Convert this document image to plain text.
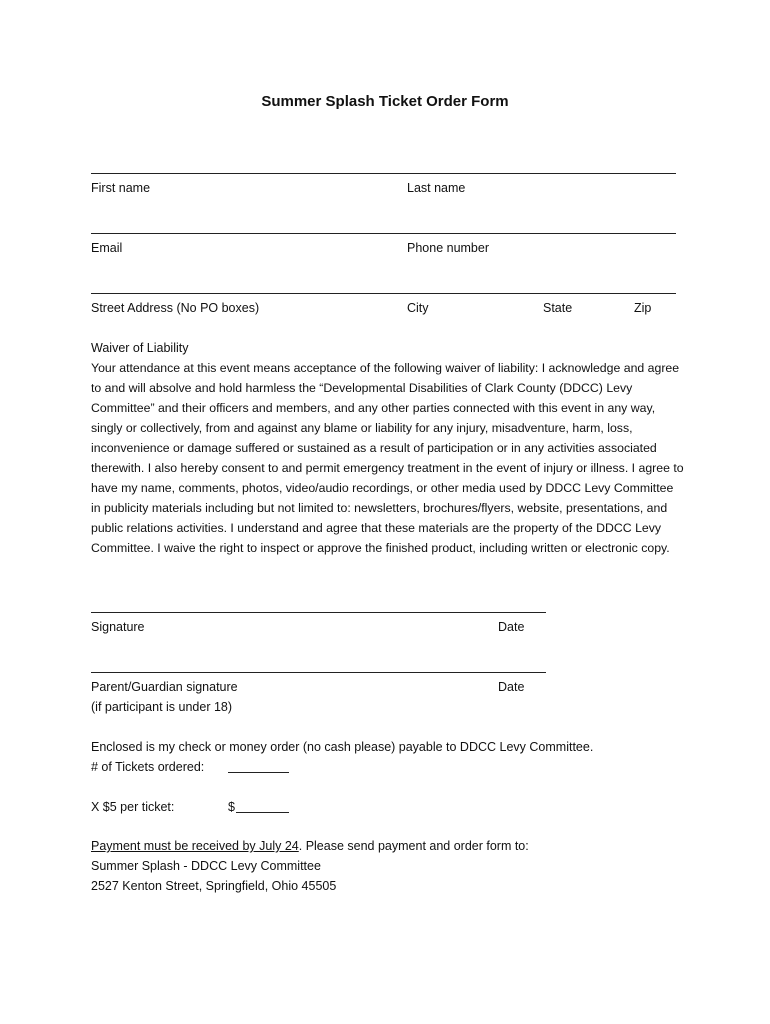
Summer Splash Ticket Order Form
First name	Last name
Email	Phone number
Street Address (No PO boxes)	City	State	Zip
Waiver of Liability
Your attendance at this event means acceptance of the following waiver of liability: I acknowledge and agree to and will absolve and hold harmless the “Developmental Disabilities of Clark County (DDCC) Levy Committee” and their officers and members, and any other parties connected with this event in any way, singly or collectively, from and against any blame or liability for any injury, misadventure, harm, loss, inconvenience or damage suffered or sustained as a result of participation or in any activities associated therewith. I also hereby consent to and permit emergency treatment in the event of injury or illness. I agree to have my name, comments, photos, video/audio recordings, or other media used by DDCC Levy Committee in publicity materials including but not limited to: newsletters, brochures/flyers, website, presentations, and public relations activities. I understand and agree that these materials are the property of the DDCC Levy Committee. I waive the right to inspect or approve the finished product, including written or electronic copy.
Signature	Date
Parent/Guardian signature	Date
(if participant is under 18)
Enclosed is my check or money order (no cash please) payable to DDCC Levy Committee.
# of Tickets ordered:
X $5 per ticket:	$
Payment must be received by July 24. Please send payment and order form to:
Summer Splash - DDCC Levy Committee
2527 Kenton Street, Springfield, Ohio 45505
